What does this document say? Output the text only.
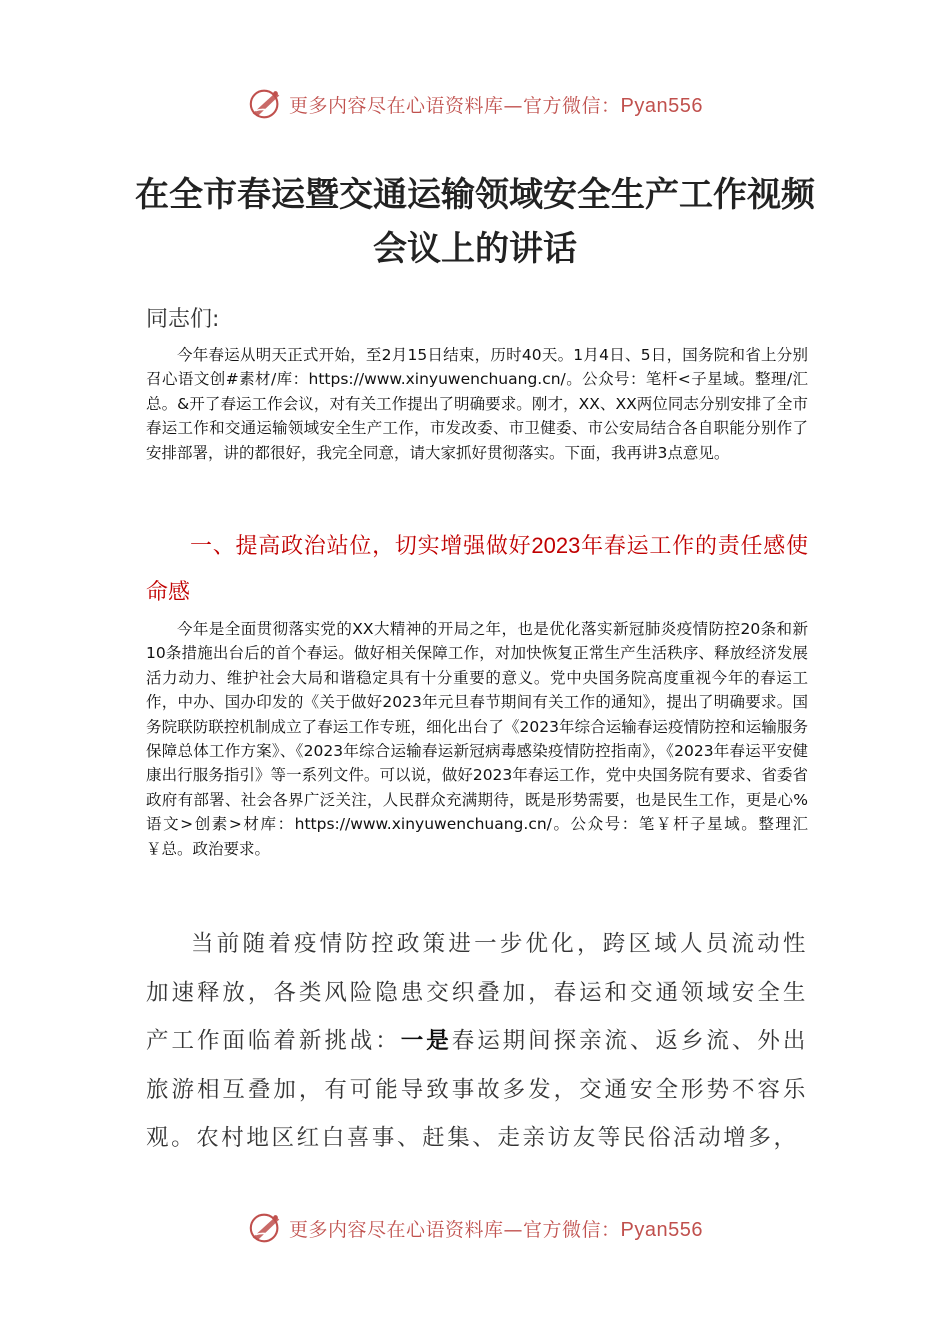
更多内容尽在心语资料库—官方微信：Pyan556
在全市春运暨交通运输领域安全生产工作视频会议上的讲话
同志们:

今年春运从明天正式开始，至2月15日结束，历时40天。1月4日、5日，国务院和省上分别召心语文创#素材/库：https://www.xinyuwenchuang.cn/。公众号：笔杆<子星域。整理/汇总。&开了春运工作会议，对有关工作提出了明确要求。刚才，XX、XX两位同志分别安排了全市春运工作和交通运输领域安全生产工作，市发改委、市卫健委、市公安局结合各自职能分别作了安排部署，讲的都很好，我完全同意，请大家抓好贯彻落实。下面，我再讲3点意见。

一、提高政治站位，切实增强做好2023年春运工作的责任感使命感

今年是全面贯彻落实党的XX大精神的开局之年，也是优化落实新冠肺炎疫情防控20条和新10条措施出台后的首个春运。做好相关保障工作，对加快恢复正常生产生活秩序、释放经济发展活力动力、维护社会大局和谐稳定具有十分重要的意义。党中央国务院高度重视今年的春运工作，中办、国办印发的《关于做好2023年元旦春节期间有关工作的通知》，提出了明确要求。国务院联防联控机制成立了春运工作专班，细化出台了《2023年综合运输春运疫情防控和运输服务保障总体工作方案》、《2023年综合运输春运新冠病毒感染疫情防控指南》，《2023年春运平安健康出行服务指引》等一系列文件。可以说，做好2023年春运工作，党中央国务院有要求、省委省政府有部署、社会各界广泛关注，人民群众充满期待，既是形势需要，也是民生工作，更是心%语文>创素>材库：https://www.xinyuwenchuang.cn/。公众号：笔￥杆子星域。整理汇￥总。政治要求。

当前随着疫情防控政策进一步优化，跨区域人员流动性加速释放，各类风险隐患交织叠加，春运和交通领域安全生产工作面临着新挑战：一是春运期间探亲流、返乡流、外出旅游相互叠加，有可能导致事故多发，交通安全形势不容乐观。农村地区红白喜事、赶集、走亲访友等民俗活动增多，

更多内容尽在心语资料库—官方微信：Pyan556
